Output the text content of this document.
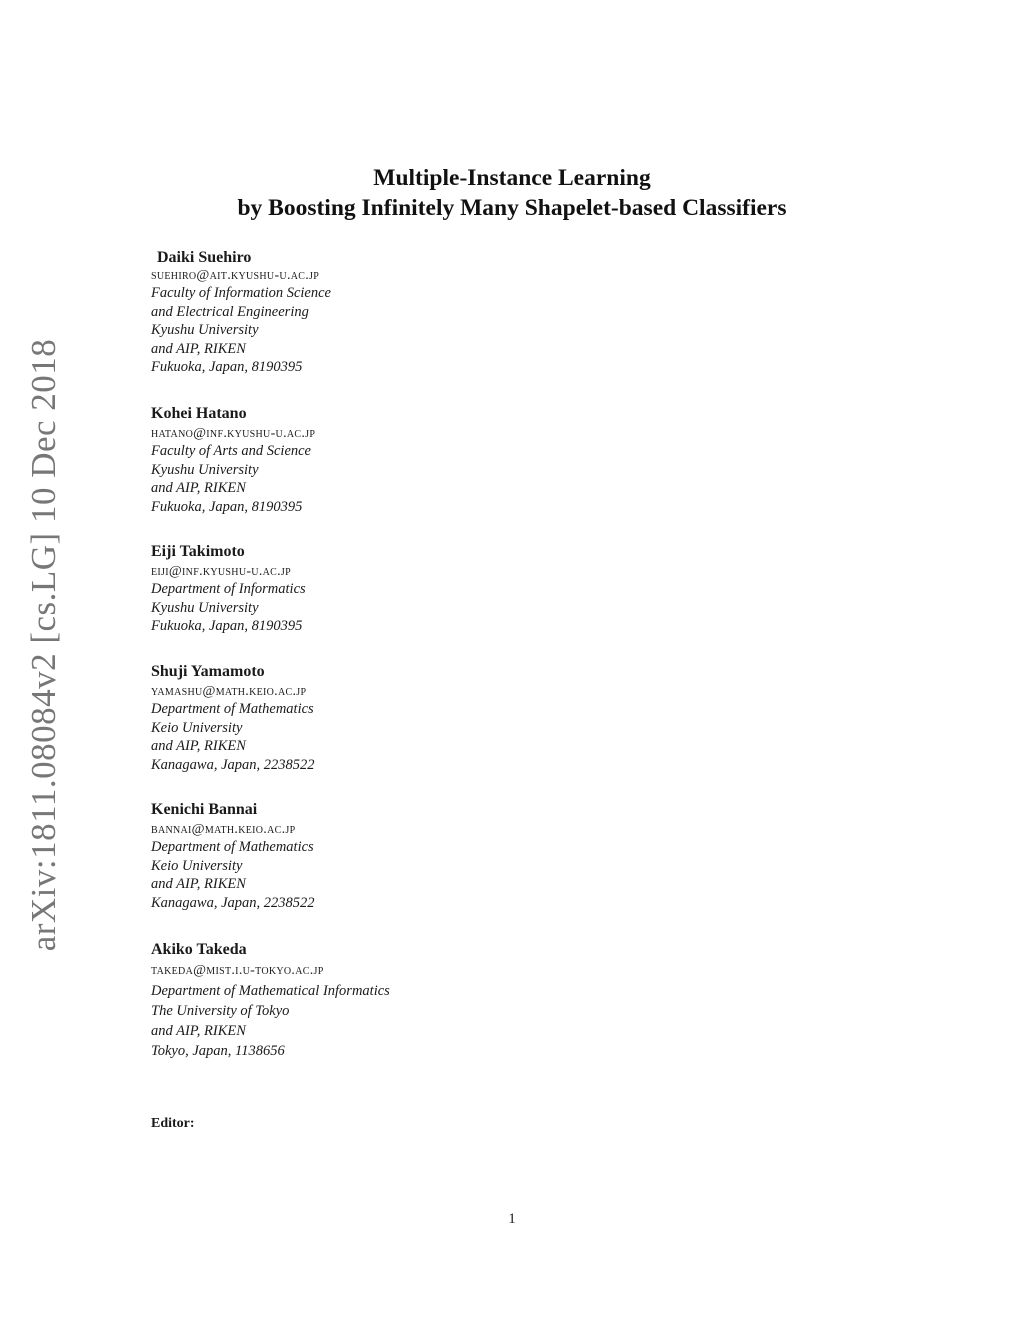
arXiv:1811.08084v2 [cs.LG] 10 Dec 2018
Multiple-Instance Learning
by Boosting Infinitely Many Shapelet-based Classifiers
Daiki Suehiro
suehiro@ait.kyushu-u.ac.jp
Faculty of Information Science
and Electrical Engineering
Kyushu University
and AIP, RIKEN
Fukuoka, Japan, 8190395
Kohei Hatano
hatano@inf.kyushu-u.ac.jp
Faculty of Arts and Science
Kyushu University
and AIP, RIKEN
Fukuoka, Japan, 8190395
Eiji Takimoto
eiji@inf.kyushu-u.ac.jp
Department of Informatics
Kyushu University
Fukuoka, Japan, 8190395
Shuji Yamamoto
yamashu@math.keio.ac.jp
Department of Mathematics
Keio University
and AIP, RIKEN
Kanagawa, Japan, 2238522
Kenichi Bannai
bannai@math.keio.ac.jp
Department of Mathematics
Keio University
and AIP, RIKEN
Kanagawa, Japan, 2238522
Akiko Takeda
takeda@mist.i.u-tokyo.ac.jp
Department of Mathematical Informatics
The University of Tokyo
and AIP, RIKEN
Tokyo, Japan, 1138656
Editor:
1
